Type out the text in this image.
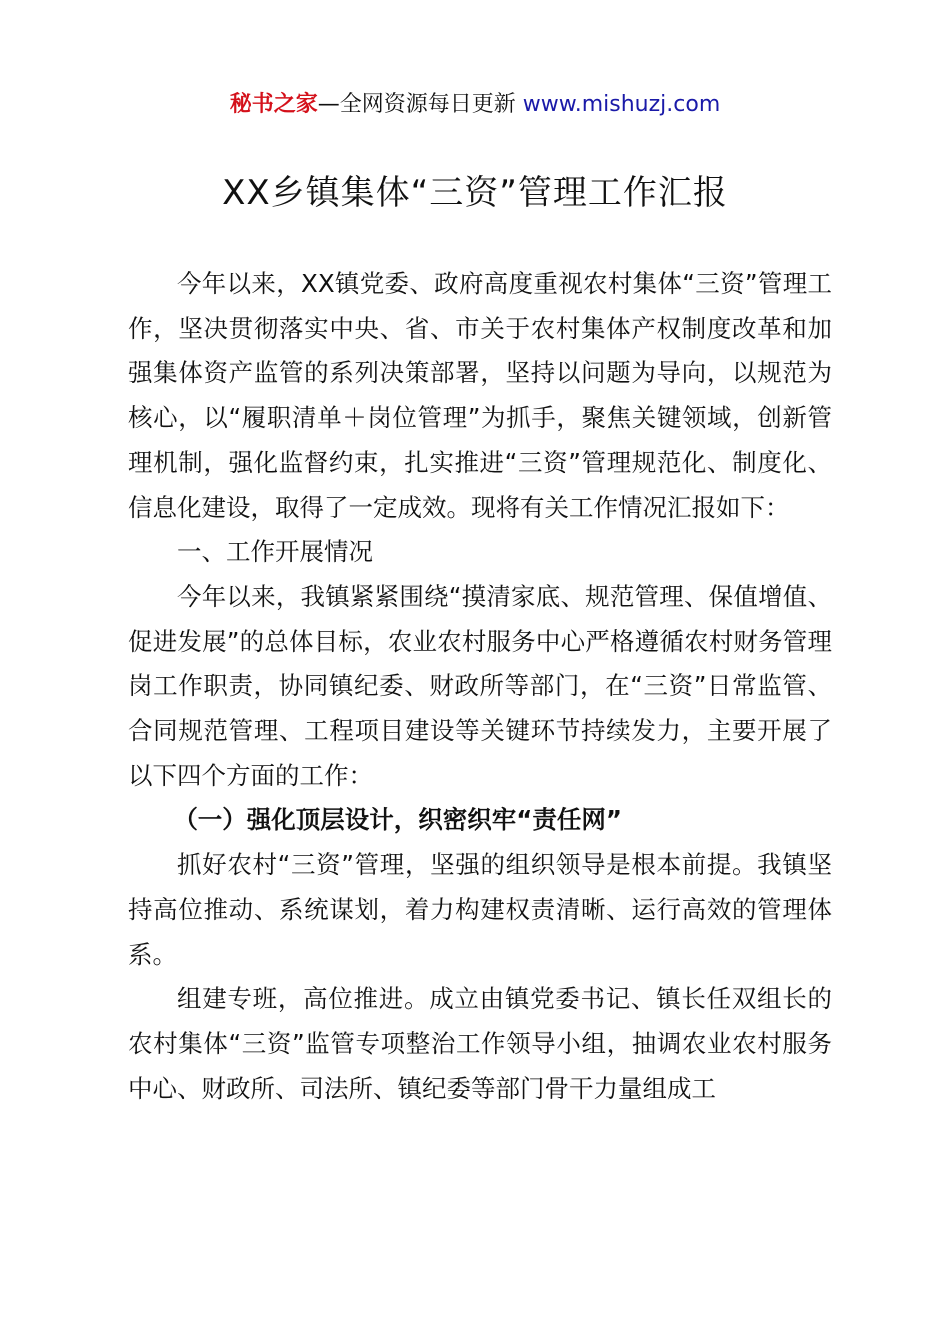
秘书之家—全网资源每日更新 www.mishuzj.com
XX乡镇集体“三资”管理工作汇报

今年以来，XX镇党委、政府高度重视农村集体“三资”管理工作，坚决贯彻落实中央、省、市关于农村集体产权制度改革和加强集体资产监管的系列决策部署，坚持以问题为导向，以规范为核心，以“履职清单＋岗位管理”为抓手，聚焦关键领域，创新管理机制，强化监督约束，扎实推进“三资”管理规范化、制度化、信息化建设，取得了一定成效。现将有关工作情况汇报如下：

一、工作开展情况

今年以来，我镇紧紧围绕“摸清家底、规范管理、保值增值、促进发展”的总体目标，农业农村服务中心严格遵循农村财务管理岗工作职责，协同镇纪委、财政所等部门，在“三资”日常监管、合同规范管理、工程项目建设等关键环节持续发力，主要开展了以下四个方面的工作：

（一）强化顶层设计，织密织牢“责任网”

抓好农村“三资”管理，坚强的组织领导是根本前提。我镇坚持高位推动、系统谋划，着力构建权责清晰、运行高效的管理体系。

组建专班，高位推进。成立由镇党委书记、镇长任双组长的农村集体“三资”监管专项整治工作领导小组，抽调农业农村服务中心、财政所、司法所、镇纪委等部门骨干力量组成工
